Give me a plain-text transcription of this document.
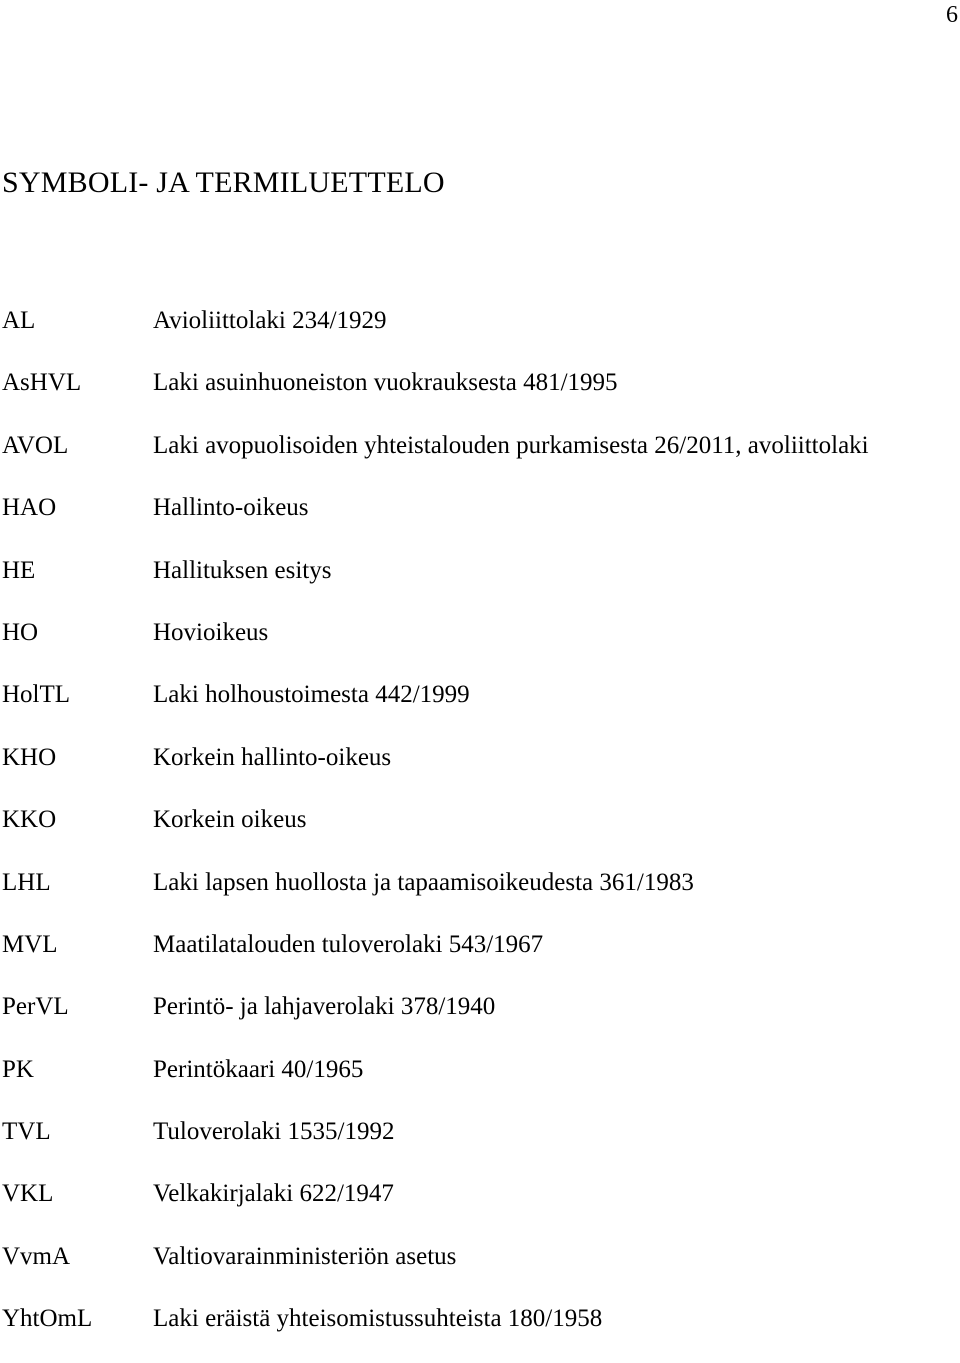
6
SYMBOLI- JA TERMILUETTELO
AL	Avioliittolaki 234/1929
AsHVL	Laki asuinhuoneiston vuokrauksesta 481/1995
AVOL	Laki avopuolisoiden yhteistalouden purkamisesta 26/2011, avoliittolaki
HAO	Hallinto-oikeus
HE	Hallituksen esitys
HO	Hovioikeus
HolTL	Laki holhoustoimesta 442/1999
KHO	Korkein hallinto-oikeus
KKO	Korkein oikeus
LHL	Laki lapsen huollosta ja tapaamisoikeudesta 361/1983
MVL	Maatilatalouden tuloverolaki 543/1967
PerVL	Perintö- ja lahjaverolaki 378/1940
PK	Perintökaari 40/1965
TVL	Tuloverolaki 1535/1992
VKL	Velkakirjalaki 622/1947
VvmA	Valtiovarainministeriön asetus
YhtOmL Laki eräistä yhteisomistussuhteista 180/1958
